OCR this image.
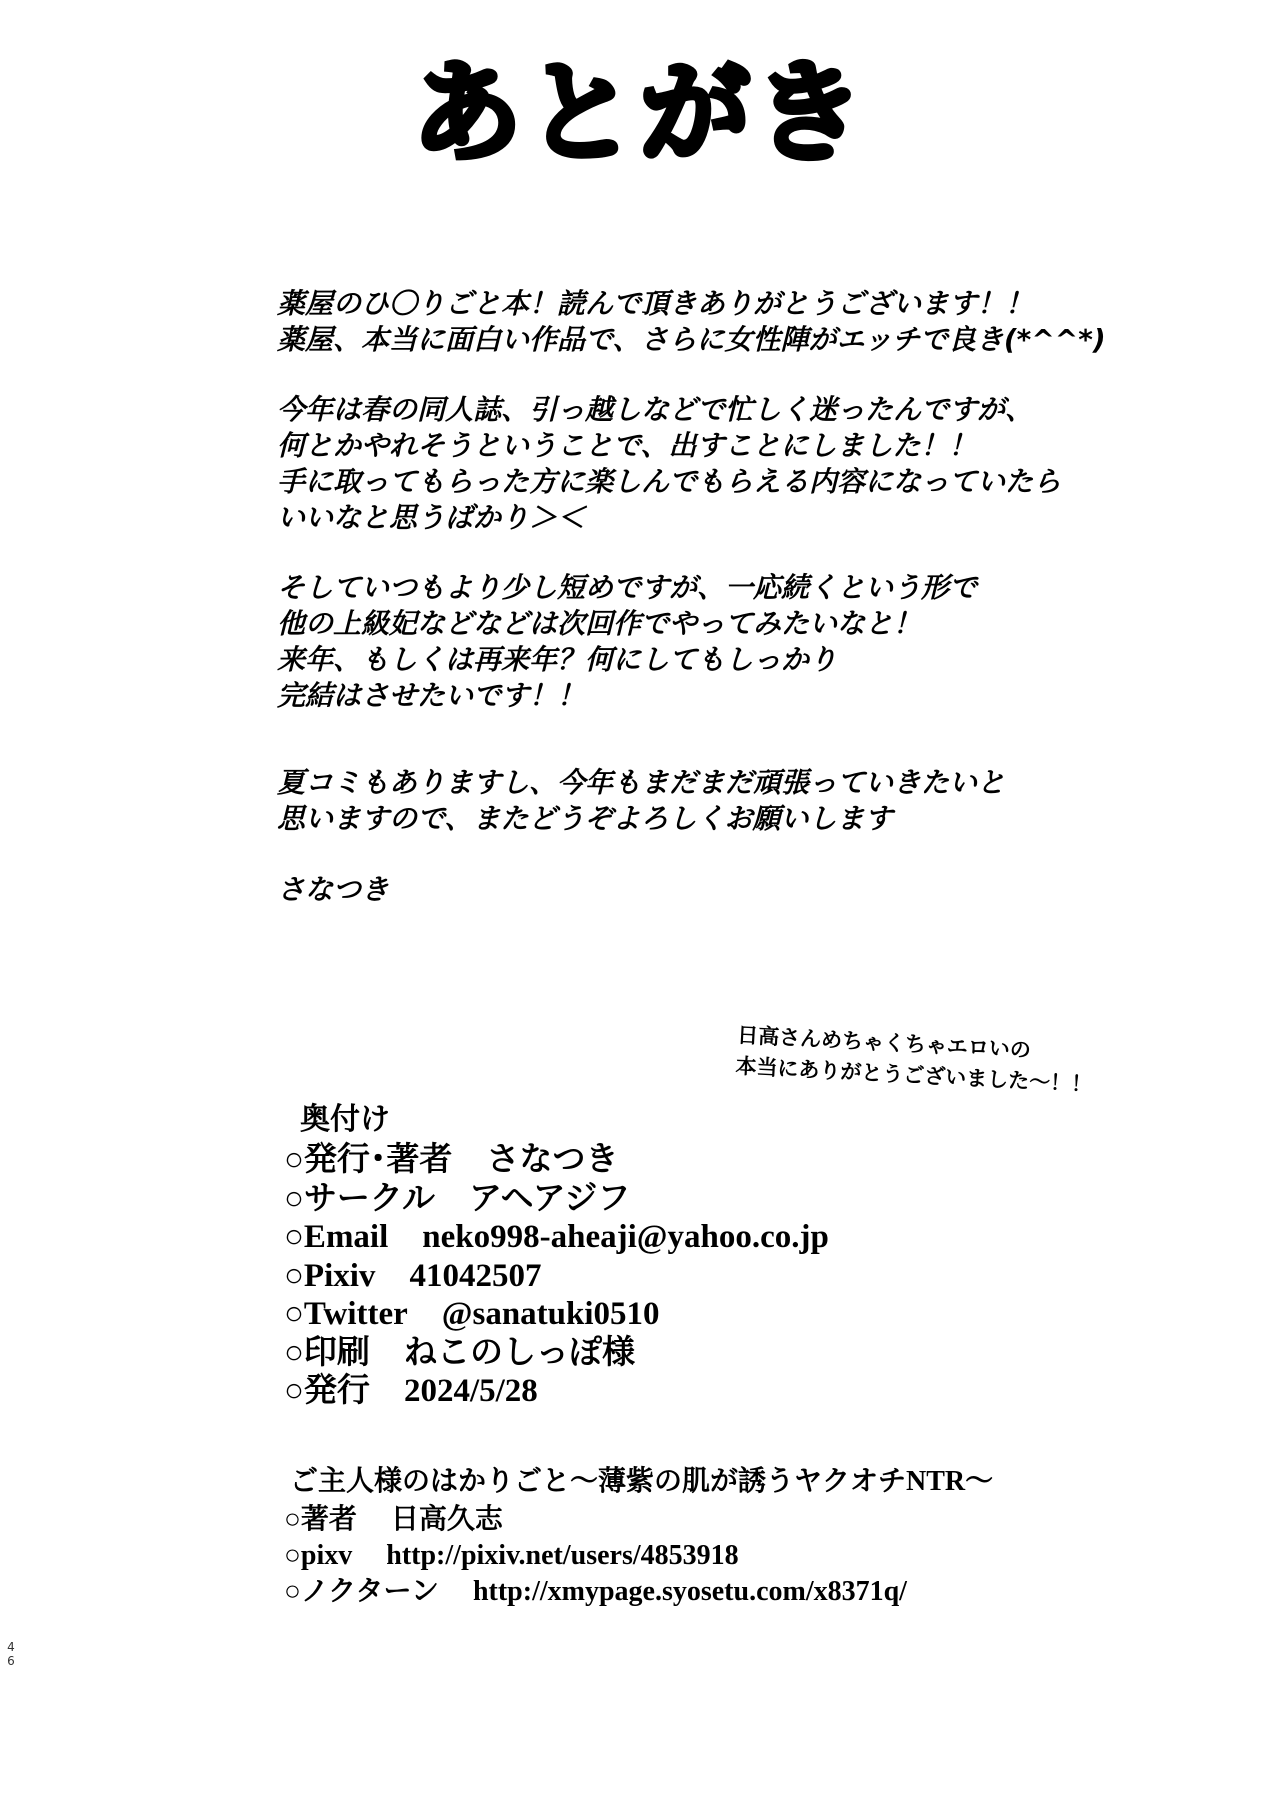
あとがき
薬屋のひ〇りごと本！読んで頂きありがとうございます！！
薬屋、本当に面白い作品で、さらに女性陣がエッチで良き(*^^*)
今年は春の同人誌、引っ越しなどで忙しく迷ったんですが、
何とかやれそうということで、出すことにしました！！
手に取ってもらった方に楽しんでもらえる内容になっていたら
いいなと思うばかり＞＜
そしていつもより少し短めですが、一応続くという形で
他の上級妃などなどは次回作でやってみたいなと！
来年、もしくは再来年？何にしてもしっかり
完結はさせたいです！！
夏コミもありますし、今年もまだまだ頑張っていきたいと
思いますので、またどうぞよろしくお願いします
さなつき
日高さんめちゃくちゃエロいの
本当にありがとうございました～！！
奥付け
○発行･著者 さなつき
○サークル アヘアジフ
○Email neko998-aheaji@yahoo.co.jp
○Pixiv 41042507
○Twitter @sanatuki0510
○印刷 ねこのしっぽ様
○発行 2024/5/28
ご主人様のはかりごと～薄紫の肌が誘うヤクオチNTR～
○著者 日高久志
○pixv http://pixiv.net/users/4853918
○ノクターン http://xmypage.syosetu.com/x8371q/
4
6
